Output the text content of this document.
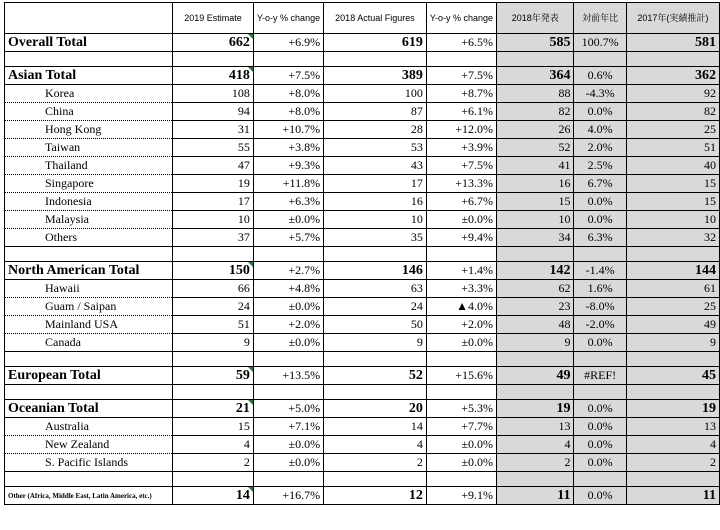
	2019 Estimate	Y-o-y % change	2018 Actual Figures	Y-o-y % change	2018年発表	対前年比	2017年(実績推計)
Overall Total	662	+6.9%	619	+6.5%	585	100.7%	581

Asian Total	418	+7.5%	389	+7.5%	364	0.6%	362
Korea	108	+8.0%	100	+8.7%	88	-4.3%	92
China	94	+8.0%	87	+6.1%	82	0.0%	82
Hong Kong	31	+10.7%	28	+12.0%	26	4.0%	25
Taiwan	55	+3.8%	53	+3.9%	52	2.0%	51
Thailand	47	+9.3%	43	+7.5%	41	2.5%	40
Singapore	19	+11.8%	17	+13.3%	16	6.7%	15
Indonesia	17	+6.3%	16	+6.7%	15	0.0%	15
Malaysia	10	±0.0%	10	±0.0%	10	0.0%	10
Others	37	+5.7%	35	+9.4%	34	6.3%	32

North American Total	150	+2.7%	146	+1.4%	142	-1.4%	144
Hawaii	66	+4.8%	63	+3.3%	62	1.6%	61
Guam / Saipan	24	±0.0%	24	▲4.0%	23	-8.0%	25
Mainland USA	51	+2.0%	50	+2.0%	48	-2.0%	49
Canada	9	±0.0%	9	±0.0%	9	0.0%	9

European Total	59	+13.5%	52	+15.6%	49	#REF!	45

Oceanian Total	21	+5.0%	20	+5.3%	19	0.0%	19
Australia	15	+7.1%	14	+7.7%	13	0.0%	13
New Zealand	4	±0.0%	4	±0.0%	4	0.0%	4
S. Pacific Islands	2	±0.0%	2	±0.0%	2	0.0%	2

Other (Africa, Middle East, Latin America, etc.)	14	+16.7%	12	+9.1%	11	0.0%	11
